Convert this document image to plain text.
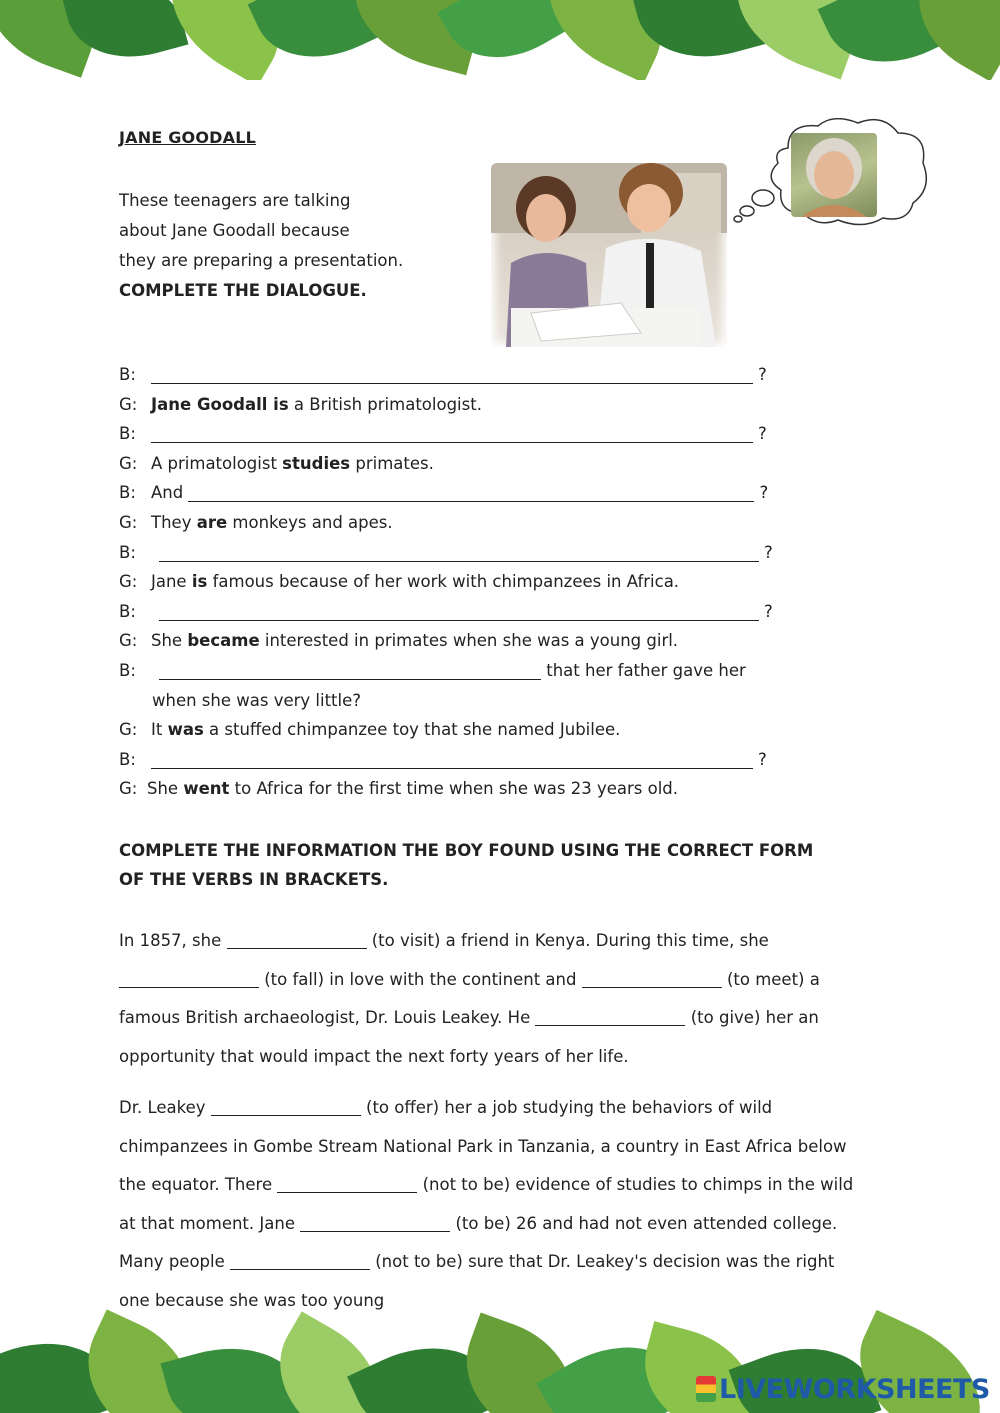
JANE GOODALL
These teenagers are talking
about Jane Goodall because
they are preparing a presentation.
COMPLETE THE DIALOGUE.
B:	?
G: Jane Goodall is a British primatologist.
B:	?
G: A primatologist studies primates.
B: And	?
G: They are monkeys and apes.
B:	?
G: Jane is famous because of her work with chimpanzees in Africa.
B:	?
G: She became interested in primates when she was a young girl.
B:	that her father gave her
when she was very little?
G: It was a stuffed chimpanzee toy that she named Jubilee.
B:	?
G: She went to Africa for the first time when she was 23 years old.
COMPLETE THE INFORMATION THE BOY FOUND USING THE CORRECT FORM
OF THE VERBS IN BRACKETS.
In 1857, she	(to visit) a friend in Kenya. During this time, she
(to fall) in love with the continent and	(to meet) a
famous British archaeologist, Dr. Louis Leakey. He	(to give) her an
opportunity that would impact the next forty years of her life.
Dr. Leakey	(to offer) her a job studying the behaviors of wild
chimpanzees in Gombe Stream National Park in Tanzania, a country in East Africa below
the equator. There	(not to be) evidence of studies to chimps in the wild
at that moment. Jane	(to be) 26 and had not even attended college.
Many people	(not to be) sure that Dr. Leakey's decision was the right
one because she was too young
LIVEWORKSHEETS
